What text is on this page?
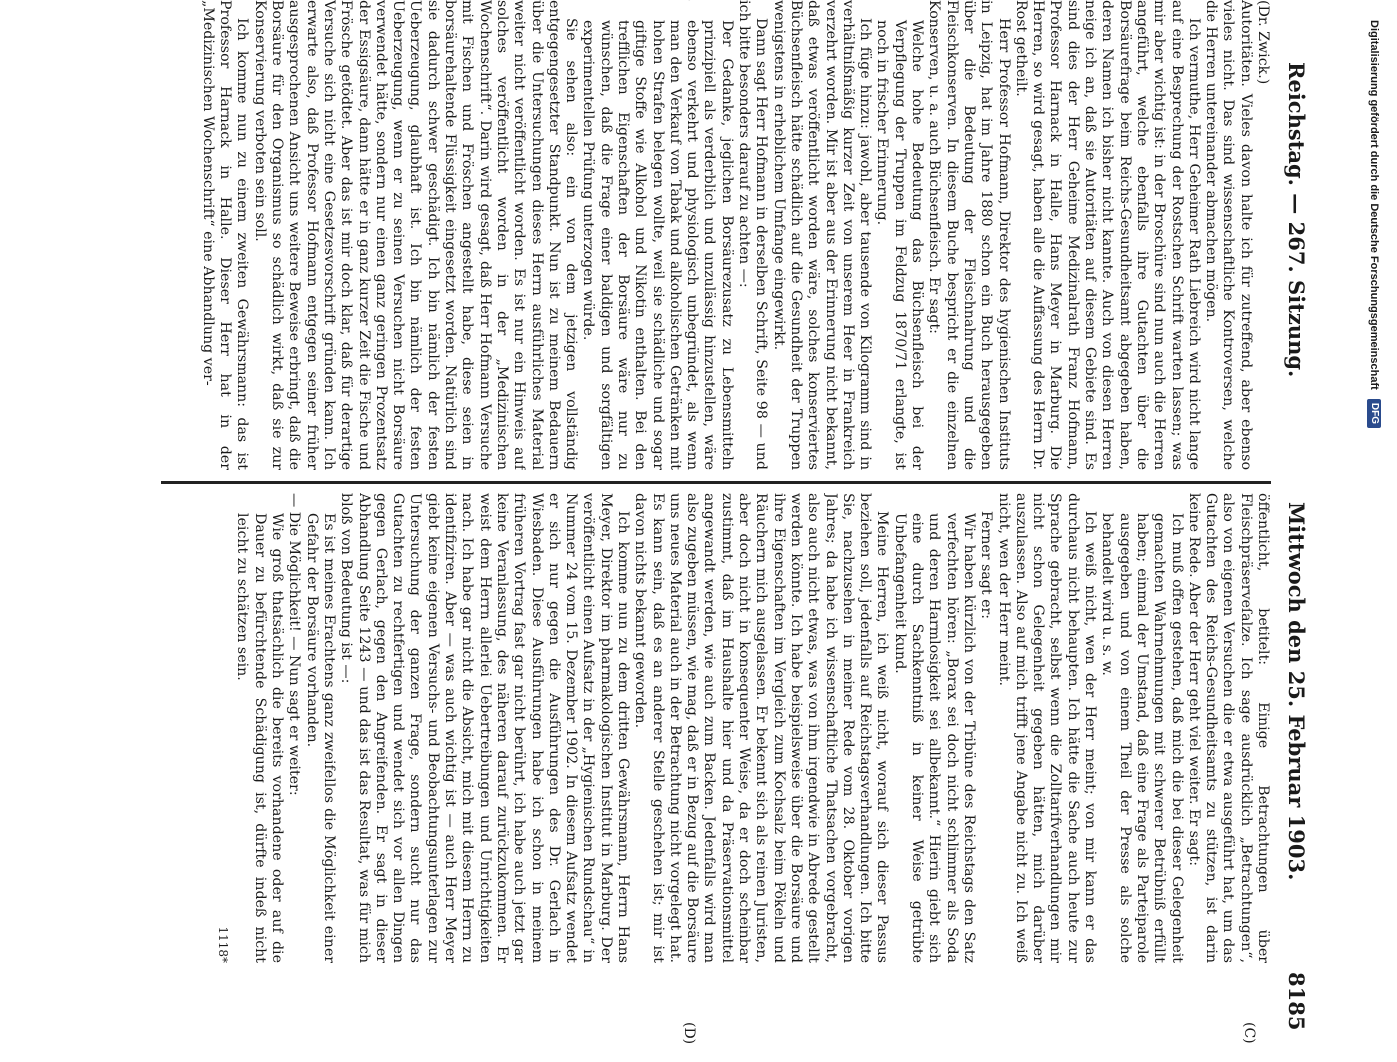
Reichstag. — 267. Sitzung.
Mittwoch den 25. Februar 1903.
8185
(C)
(D)

(Dr. Zwick.)

Autoritäten. Vieles davon halte ich für zutreffend, aber ebenso vieles nicht. Das sind wissenschaftliche Kontroversen, welche die Herren untereinander abmachen mögen.

Ich vermuthe, Herr Geheimer Rath Liebreich wird nicht lange auf eine Besprechung der Rostschen Schrift warten lassen; was mir aber wichtig ist: in der Broschüre sind nun auch die Herren angeführt, welche ebenfalls ihre Gutachten über die Borsäurefrage beim Reichs-Gesundheitsamt abgegeben haben, deren Namen ich bisher nicht kannte. Auch von diesen Herren neige ich an, daß sie Autoritäten auf diesem Gebiete sind. Es sind dies der Herr Geheime Medizinalrath Franz Hofmann, Professor Harnack in Halle, Hans Meyer in Marburg. Die Herren, so wird gesagt, haben alle die Auffassung des Herrn Dr. Rost getheilt.

Herr Professor Hofmann, Direktor des hygienischen Instituts in Leipzig, hat im Jahre 1880 schon ein Buch herausgegeben über die Bedeutung der Fleischnahrung und die Fleischkonserven. In diesem Buche bespricht er die einzelnen Konserven, u. a. auch Büchsenfleisch. Er sagt:

Welche hohe Bedeutung das Büchsenfleisch bei der Verpflegung der Truppen im Feldzug 1870/71 erlangte, ist noch in frischer Erinnerung.

Ich füge hinzu: jawohl, aber tausende von Kilogramm sind in verhältnißmäßig kurzer Zeit von unserem Heer in Frankreich verzehrt worden. Mir ist aber aus der Erinnerung nicht bekannt, daß etwas veröffentlicht worden wäre, solches konserviertes Büchsenfleisch hätte schädlich auf die Gesundheit der Truppen wenigstens in erheblichem Umfange eingewirkt.

Dann sagt Herr Hofmann in derselben Schrift, Seite 98 — und ich bitte besonders darauf zu achten —:

Der Gedanke, jeglichen Borsäurezusatz zu Lebensmitteln prinzipiell als verderblich und unzulässig hinzustellen, wäre ebenso verkehrt und physiologisch unbegründet, als wenn man den Verkauf von Tabak und alkoholischen Getränken mit hohen Strafen belegen wollte, weil sie schädliche und sogar giftige Stoffe wie Alkohol und Nikotin enthalten. Bei den trefflichen Eigenschaften der Borsäure wäre nur zu wünschen, daß die Frage einer baldigen und sorgfältigen experimentellen Prüfung unterzogen würde.

Sie sehen also: ein von dem jetzigen vollständig entgegengesetzter Standpunkt. Nun ist zu meinem Bedauern über die Untersuchungen dieses Herrn ausführliches Material weiter nicht veröffentlicht worden. Es ist nur ein Hinweis auf solches veröffentlicht worden in der „Medizinischen Wochenschrift“. Darin wird gesagt, daß Herr Hofmann Versuche mit Fischen und Fröschen angestellt habe, diese seien in borsäurehaltende Flüssigkeit eingesetzt worden. Natürlich sind sie dadurch schwer geschädigt. Ich bin nämlich der festen Ueberzeugung, glaubhaft ist. Ich bin nämlich der festen Ueberzeugung, wenn er zu seinen Versuchen nicht Borsäure verwendet hätte, sondern nur einen ganz geringen Prozentsatz der Essigsäure, dann hätte er in ganz kurzer Zeit die Fische und Frösche getödtet. Aber das ist mir doch klar, daß für derartige Versuche sich nicht eine Gesetzesvorschrift gründen kann. Ich erwarte also, daß Professor Hofmann entgegen seiner früher ausgesprochenen Ansicht uns weitere Beweise erbringt, daß die Borsäure für den Organismus so schädlich wirkt, daß sie zur Konservierung verboten sein soll.

Ich komme nun zu einem zweiten Gewährsmann: das ist Professor Harnack in Halle. Dieser Herr hat in der „Medizinischen Wochenschrift“ eine Abhandlung ver-

öffentlicht, betitelt: Einige Betrachtungen über Fleischpräserveſalze. Ich sage ausdrücklich „Betrachtungen“, also von eigenen Versuchen die er etwa ausgeführt hat, um das Gutachten des Reichs-Gesundheitsamts zu stützen, ist darin keine Rede. Aber der Herr geht viel weiter. Er sagt:

Ich muß offen gestehen, daß mich die bei dieser Gelegenheit gemachten Wahrnehmungen mit schwerer Betrübniß erfüllt haben; einmal der Umstand, daß eine Frage als Parteiparole ausgegeben und von einem Theil der Presse als solche behandelt wird u. s. w.

Ich weiß nicht, wen der Herr meint; von mir kann er das durchaus nicht behaupten. Ich hätte die Sache auch heute zur Sprache gebracht, selbst wenn die Zolltarifverhandlungen mir nicht schon Gelegenheit gegeben hätten, mich darüber auszulassen. Also auf mich trifft jene Angabe nicht zu. Ich weiß nicht, wen der Herr meint.

Ferner sagt er:

Wir haben kürzlich von der Tribüne des Reichstags den Satz verfechten hören: „Borax sei doch nicht schlimmer als Soda und deren Harmlosigkeit sei allbekannt.“ Hierin giebt sich eine durch Sachkenntniß in keiner Weise getrübte Unbefangenheit kund.

Meine Herren, ich weiß nicht, worauf sich dieser Passus beziehen soll, jedenfalls auf Reichstagsverhandlungen. Ich bitte Sie, nachzusehen in meiner Rede vom 28. Oktober vorigen Jahres; da habe ich wissenschaftliche Thatsachen vorgebracht, also auch nicht etwas, was von ihm irgendwie in Abrede gestellt werden könnte. Ich habe beispielsweise über die Borsäure und ihre Eigenschaften im Vergleich zum Kochsalz beim Pökeln und Räuchern mich ausgelassen. Er bekennt sich als reinen Juristen, aber doch nicht in konsequenter Weise, da er doch scheinbar zustimmt, daß im Haushalte hier und da Präservationsmittel angewandt werden, wie auch zum Backen. Jedenfalls wird man also zugeben müssen, wie mag, daß er in Bezug auf die Borsäure uns neues Material auch in der Betrachtung nicht vorgelegt hat. Es kann sein, daß es an anderer Stelle geschehen ist; mir ist davon nichts bekannt geworden.

Ich komme nun zu dem dritten Gewährsmann, Herrn Hans Meyer, Direktor im pharmakologischen Institut in Marburg. Der veröffentlicht einen Aufsatz in der „Hygienischen Rundschau“ in Nummer 24 vom 15. Dezember 1902. In diesem Aufsatz wendet er sich nur gegen die Ausführungen des Dr. Gerlach in Wiesbaden. Diese Ausführungen habe ich schon in meinem früheren Vortrag fast gar nicht berührt, ich habe auch jetzt gar keine Veranlassung, des näheren darauf zurückzukommen. Er weist dem Herrn allerlei Uebertreibungen und Unrichtigkeiten nach. Ich habe gar nicht die Absicht, mich mit diesem Herrn zu identifiziren. Aber — was auch wichtig ist — auch Herr Meyer giebt keine eigenen Versuchs- und Beobachtungsunterlagen zur Untersuchung der ganzen Frage, sondern sucht nur das Gutachten zu rechtfertigen und wendet sich vor allen Dingen gegen Gerlach, gegen den Angreifenden. Er sagt in dieser Abhandlung Seite 1243 — und das ist das Resultat, was für mich bloß von Bedeutung ist —:

Es ist meines Erachtens ganz zweifellos die Möglichkeit einer Gefahr der Borsäure vorhanden.

— Die Möglichkeit! — Nun sagt er weiter:

Wie groß thatsächlich die bereits vorhandene oder auf die Dauer zu befürchtende Schädigung ist, dürfte indeß nicht leicht zu schätzen sein.

1118*

Digitalisierung gefördert durch die Deutsche Forschungsgemeinschaft DFG
